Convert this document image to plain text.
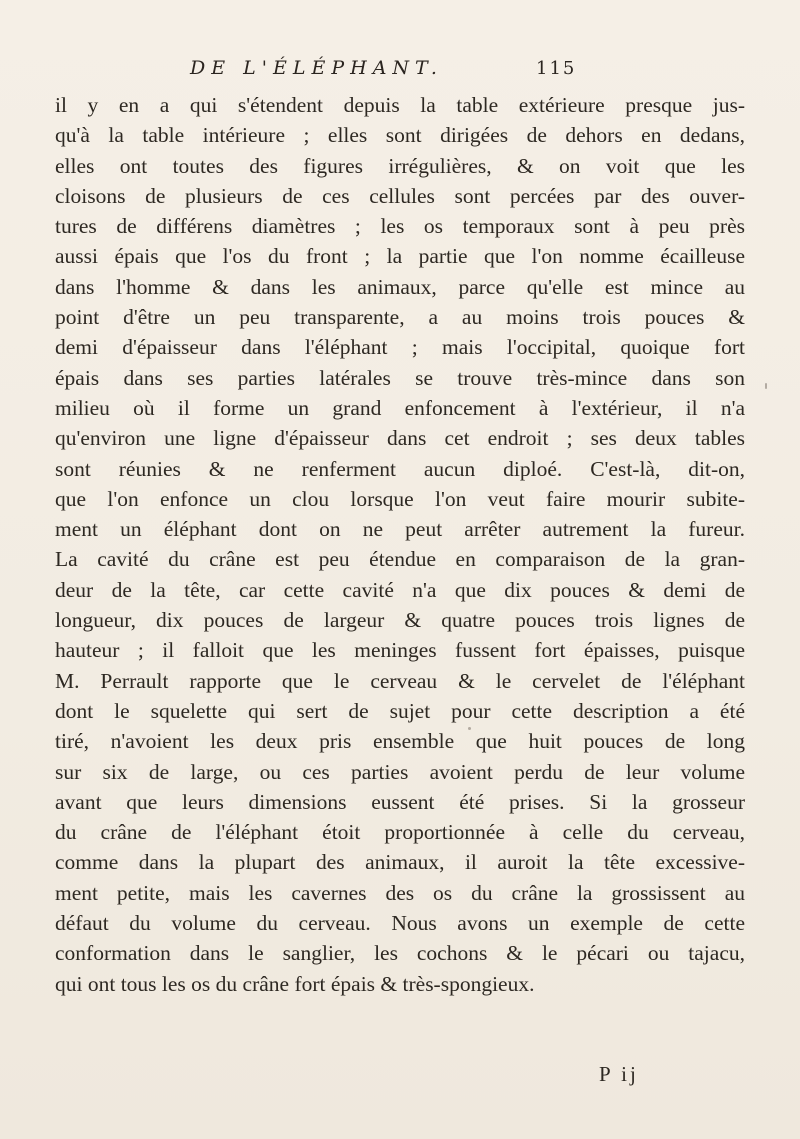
DE L'ÉLÉPHANT.	115
il y en a qui s'étendent depuis la table extérieure presque jus-
qu'à la table intérieure ; elles sont dirigées de dehors en dedans,
elles ont toutes des figures irrégulières, & on voit que les
cloisons de plusieurs de ces cellules sont percées par des ouver-
tures de différens diamètres ; les os temporaux sont à peu près
aussi épais que l'os du front ; la partie que l'on nomme écailleuse
dans l'homme & dans les animaux, parce qu'elle est mince au
point d'être un peu transparente, a au moins trois pouces &
demi d'épaisseur dans l'éléphant ; mais l'occipital, quoique fort
épais dans ses parties latérales se trouve très-mince dans son
milieu où il forme un grand enfoncement à l'extérieur, il n'a
qu'environ une ligne d'épaisseur dans cet endroit ; ses deux tables
sont réunies & ne renferment aucun diploé. C'est-là, dit-on,
que l'on enfonce un clou lorsque l'on veut faire mourir subite-
ment un éléphant dont on ne peut arrêter autrement la fureur.
La cavité du crâne est peu étendue en comparaison de la gran-
deur de la tête, car cette cavité n'a que dix pouces & demi de
longueur, dix pouces de largeur & quatre pouces trois lignes de
hauteur ; il falloit que les meninges fussent fort épaisses, puisque
M. Perrault rapporte que le cerveau & le cervelet de l'éléphant
dont le squelette qui sert de sujet pour cette description a été
tiré, n'avoient les deux pris ensemble que huit pouces de long
sur six de large, ou ces parties avoient perdu de leur volume
avant que leurs dimensions eussent été prises. Si la grosseur
du crâne de l'éléphant étoit proportionnée à celle du cerveau,
comme dans la plupart des animaux, il auroit la tête excessive-
ment petite, mais les cavernes des os du crâne la grossissent au
défaut du volume du cerveau. Nous avons un exemple de cette
conformation dans le sanglier, les cochons & le pécari ou tajacu,
qui ont tous les os du crâne fort épais & très-spongieux.
P ij
